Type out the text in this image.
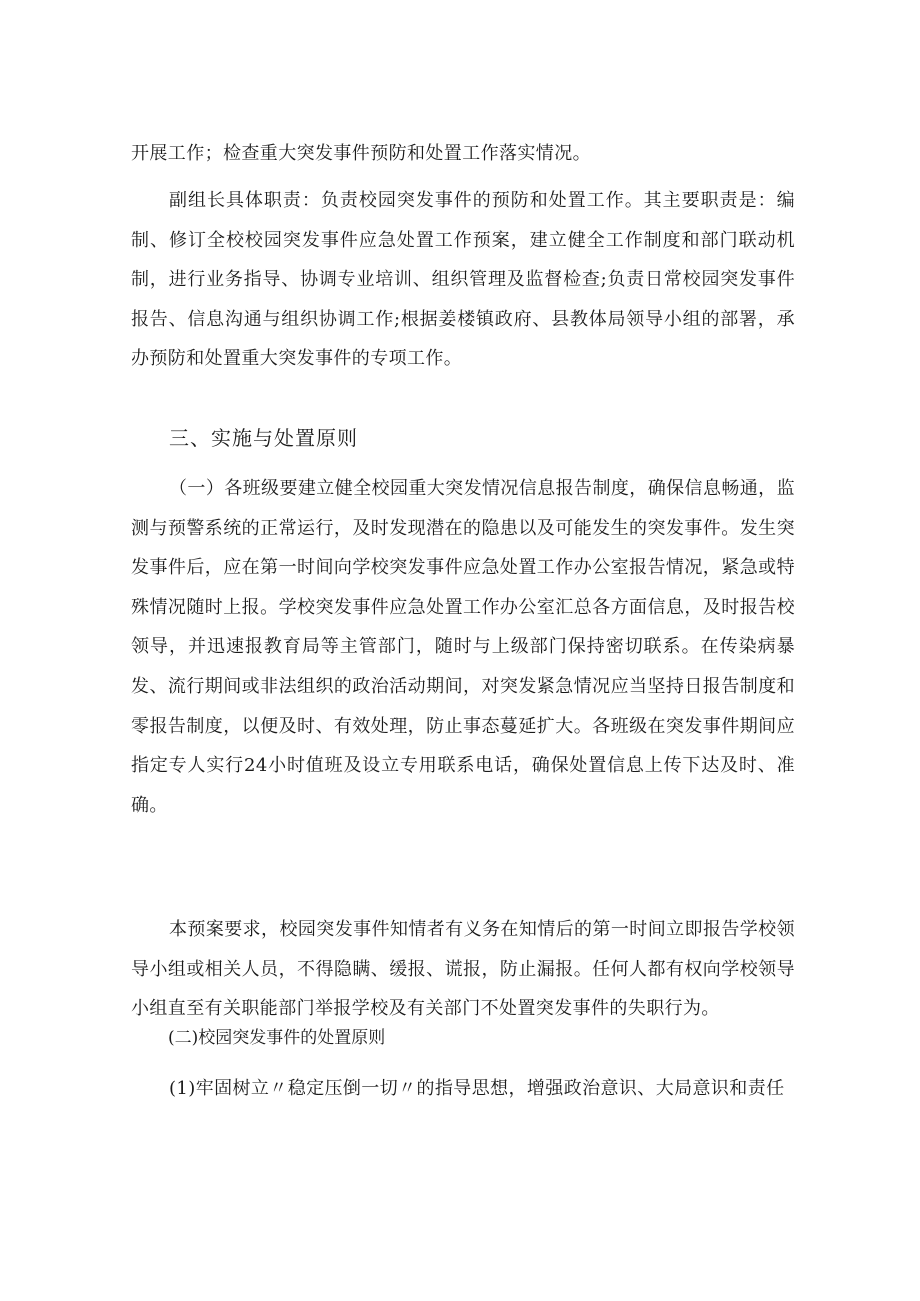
开展工作；检查重大突发事件预防和处置工作落实情况。

副组长具体职责：负责校园突发事件的预防和处置工作。其主要职责是：编制、修订全校校园突发事件应急处置工作预案，建立健全工作制度和部门联动机制，进行业务指导、协调专业培训、组织管理及监督检查;负责日常校园突发事件报告、信息沟通与组织协调工作;根据姜楼镇政府、县教体局领导小组的部署，承办预防和处置重大突发事件的专项工作。

三、实施与处置原则

（一）各班级要建立健全校园重大突发情况信息报告制度，确保信息畅通，监测与预警系统的正常运行，及时发现潜在的隐患以及可能发生的突发事件。发生突发事件后，应在第一时间向学校突发事件应急处置工作办公室报告情况，紧急或特殊情况随时上报。学校突发事件应急处置工作办公室汇总各方面信息，及时报告校领导，并迅速报教育局等主管部门，随时与上级部门保持密切联系。在传染病暴发、流行期间或非法组织的政治活动期间，对突发紧急情况应当坚持日报告制度和零报告制度，以便及时、有效处理，防止事态蔓延扩大。各班级在突发事件期间应指定专人实行24小时值班及设立专用联系电话，确保处置信息上传下达及时、准确。

本预案要求，校园突发事件知情者有义务在知情后的第一时间立即报告学校领导小组或相关人员，不得隐瞒、缓报、谎报，防止漏报。任何人都有权向学校领导小组直至有关职能部门举报学校及有关部门不处置突发事件的失职行为。

(二)校园突发事件的处置原则

(1)牢固树立〃稳定压倒一切〃的指导思想，增强政治意识、大局意识和责任
